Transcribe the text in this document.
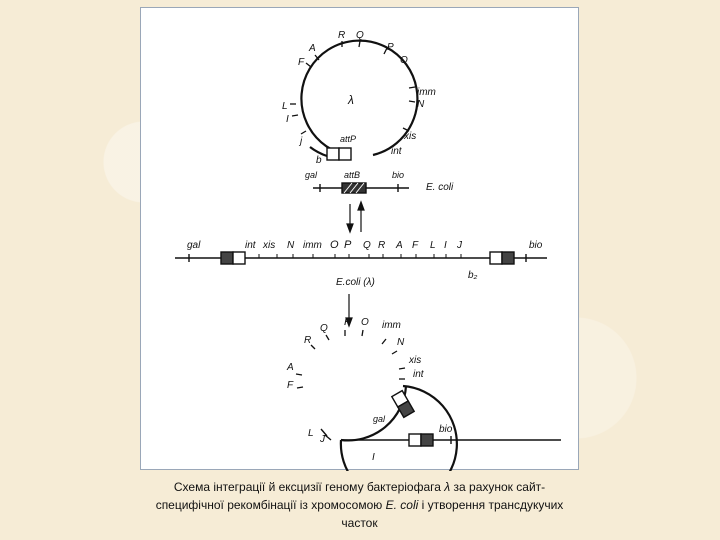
λ
R Q
P
O
A
F
imm
N
L
I
xis
int
j
b
attP
gal	attB	bio
E. coli
gal	int xis N imm O P Q R A F L I J	bio
b₂
E.coli (λ)
R
Q
P O imm
N
xis
int
A
F
gal
L
J
I
bio
Схема інтеграції й ексцизії геному бактеріофага λ за рахунок сайт-специфічної рекомбінації із хромосомою E. coli і утворення трансдукучих часток
